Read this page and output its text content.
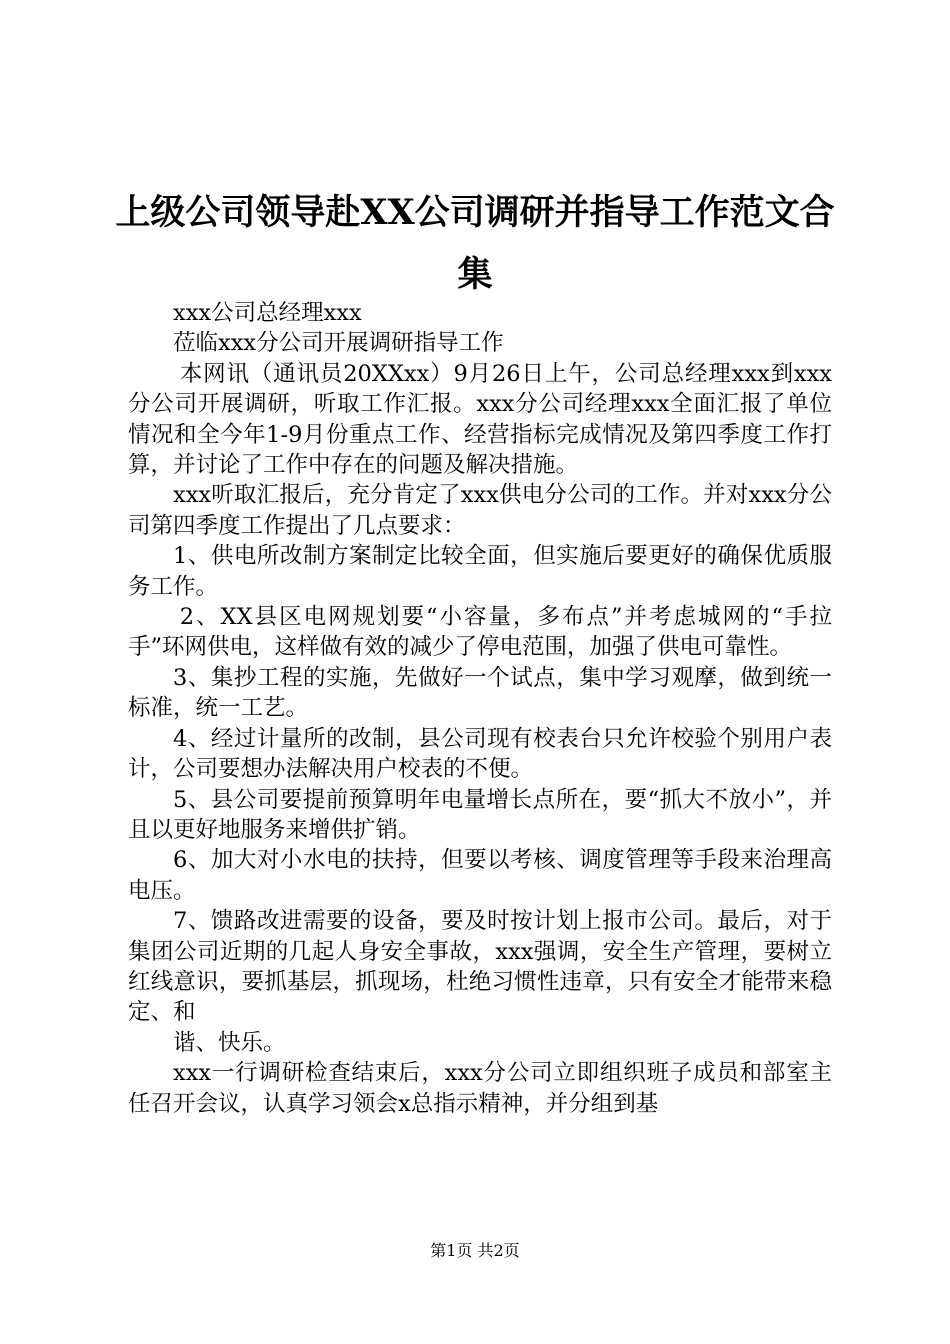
上级公司领导赴XX公司调研并指导工作范文合集

xxx公司总经理xxx

莅临xxx分公司开展调研指导工作

本网讯（通讯员20XXxx）9月26日上午，公司总经理xxx到xxx分公司开展调研，听取工作汇报。xxx分公司经理xxx全面汇报了单位情况和全今年1-9月份重点工作、经营指标完成情况及第四季度工作打算，并讨论了工作中存在的问题及解决措施。

xxx听取汇报后，充分肯定了xxx供电分公司的工作。并对xxx分公司第四季度工作提出了几点要求：

1、供电所改制方案制定比较全面，但实施后要更好的确保优质服务工作。

2、XX县区电网规划要“小容量，多布点”并考虑城网的“手拉手”环网供电，这样做有效的减少了停电范围，加强了供电可靠性。

3、集抄工程的实施，先做好一个试点，集中学习观摩，做到统一标准，统一工艺。

4、经过计量所的改制，县公司现有校表台只允许校验个别用户表计，公司要想办法解决用户校表的不便。

5、县公司要提前预算明年电量增长点所在，要“抓大不放小”，并且以更好地服务来增供扩销。

6、加大对小水电的扶持，但要以考核、调度管理等手段来治理高电压。

7、馈路改进需要的设备，要及时按计划上报市公司。最后，对于集团公司近期的几起人身安全事故，xxx强调，安全生产管理，要树立红线意识，要抓基层，抓现场，杜绝习惯性违章，只有安全才能带来稳定、和

谐、快乐。

xxx一行调研检查结束后，xxx分公司立即组织班子成员和部室主任召开会议，认真学习领会x总指示精神，并分组到基

第1页 共2页
